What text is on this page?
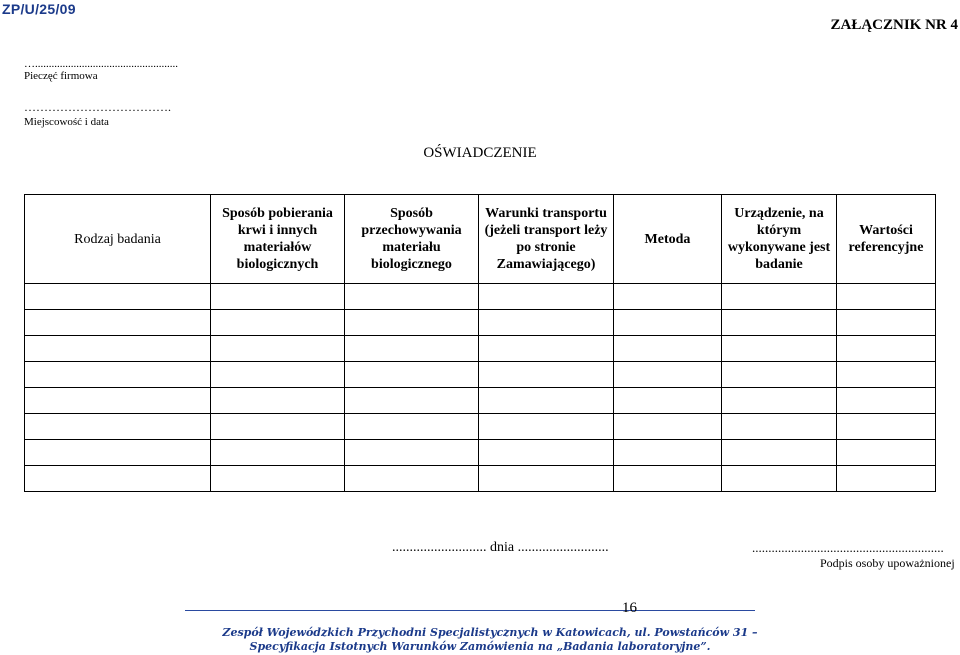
ZP/U/25/09
ZAŁĄCZNIK NR 4
…....................................................
Pieczęć firmowa
……………………………….
Miejscowość i data
OŚWIADCZENIE
Rodzaj badania	Sposób pobierania krwi i innych materiałów biologicznych	Sposób przechowywania materiału biologicznego	Warunki transportu (jeżeli transport leży po stronie Zamawiającego)	Metoda	Urządzenie, na którym wykonywane jest badanie	Wartości referencyjne

........................... dnia ..........................	...........................................................
Podpis osoby upoważnionej
16
Zespół Wojewódzkich Przychodni Specjalistycznych w Katowicach, ul. Powstańców 31 –
Specyfikacja Istotnych Warunków Zamówienia na „Badania laboratoryjne”.
